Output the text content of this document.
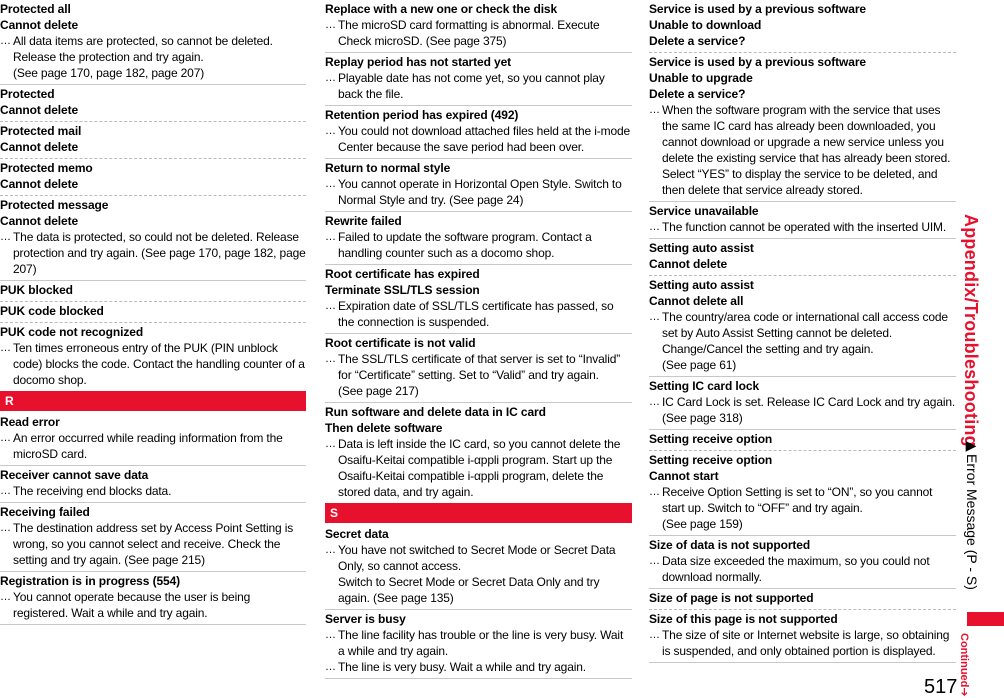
Protected all
Cannot delete
… All data items are protected, so cannot be deleted. Release the protection and try again.
(See page 170, page 182, page 207)
Protected
Cannot delete
Protected mail
Cannot delete
Protected memo
Cannot delete
Protected message
Cannot delete
… The data is protected, so could not be deleted. Release protection and try again. (See page 170, page 182, page 207)
PUK blocked
PUK code blocked
PUK code not recognized
… Ten times erroneous entry of the PUK (PIN unblock code) blocks the code. Contact the handling counter of a docomo shop.
R
Read error
… An error occurred while reading information from the microSD card.
Receiver cannot save data
… The receiving end blocks data.
Receiving failed
… The destination address set by Access Point Setting is wrong, so you cannot select and receive. Check the setting and try again. (See page 215)
Registration is in progress (554)
… You cannot operate because the user is being registered. Wait a while and try again.
Replace with a new one or check the disk
… The microSD card formatting is abnormal. Execute Check microSD. (See page 375)
Replay period has not started yet
… Playable date has not come yet, so you cannot play back the file.
Retention period has expired (492)
… You could not download attached files held at the i-mode Center because the save period had been over.
Return to normal style
… You cannot operate in Horizontal Open Style. Switch to Normal Style and try. (See page 24)
Rewrite failed
… Failed to update the software program. Contact a handling counter such as a docomo shop.
Root certificate has expired
Terminate SSL/TLS session
… Expiration date of SSL/TLS certificate has passed, so the connection is suspended.
Root certificate is not valid
… The SSL/TLS certificate of that server is set to “Invalid” for “Certificate” setting. Set to “Valid” and try again.
(See page 217)
Run software and delete data in IC card
Then delete software
… Data is left inside the IC card, so you cannot delete the Osaifu-Keitai compatible i-αppli program. Start up the Osaifu-Keitai compatible i-αppli program, delete the stored data, and try again.
S
Secret data
… You have not switched to Secret Mode or Secret Data Only, so cannot access.
Switch to Secret Mode or Secret Data Only and try again. (See page 135)
Server is busy
… The line facility has trouble or the line is very busy. Wait a while and try again.
… The line is very busy. Wait a while and try again.
Service is used by a previous software
Unable to download
Delete a service?
Service is used by a previous software
Unable to upgrade
Delete a service?
… When the software program with the service that uses the same IC card has already been downloaded, you cannot download or upgrade a new service unless you delete the existing service that has already been stored. Select “YES” to display the service to be deleted, and then delete that service already stored.
Service unavailable
… The function cannot be operated with the inserted UIM.
Setting auto assist
Cannot delete
Setting auto assist
Cannot delete all
… The country/area code or international call access code set by Auto Assist Setting cannot be deleted. Change/Cancel the setting and try again.
(See page 61)
Setting IC card lock
… IC Card Lock is set. Release IC Card Lock and try again. (See page 318)
Setting receive option
Setting receive option
Cannot start
… Receive Option Setting is set to “ON”, so you cannot start up. Switch to “OFF” and try again.
(See page 159)
Size of data is not supported
… Data size exceeded the maximum, so you could not download normally.
Size of page is not supported
Size of this page is not supported
… The size of site or Internet website is large, so obtaining is suspended, and only obtained portion is displayed.
Appendix/Troubleshooting
▶Error Message (P - S)
Continued➔
517
